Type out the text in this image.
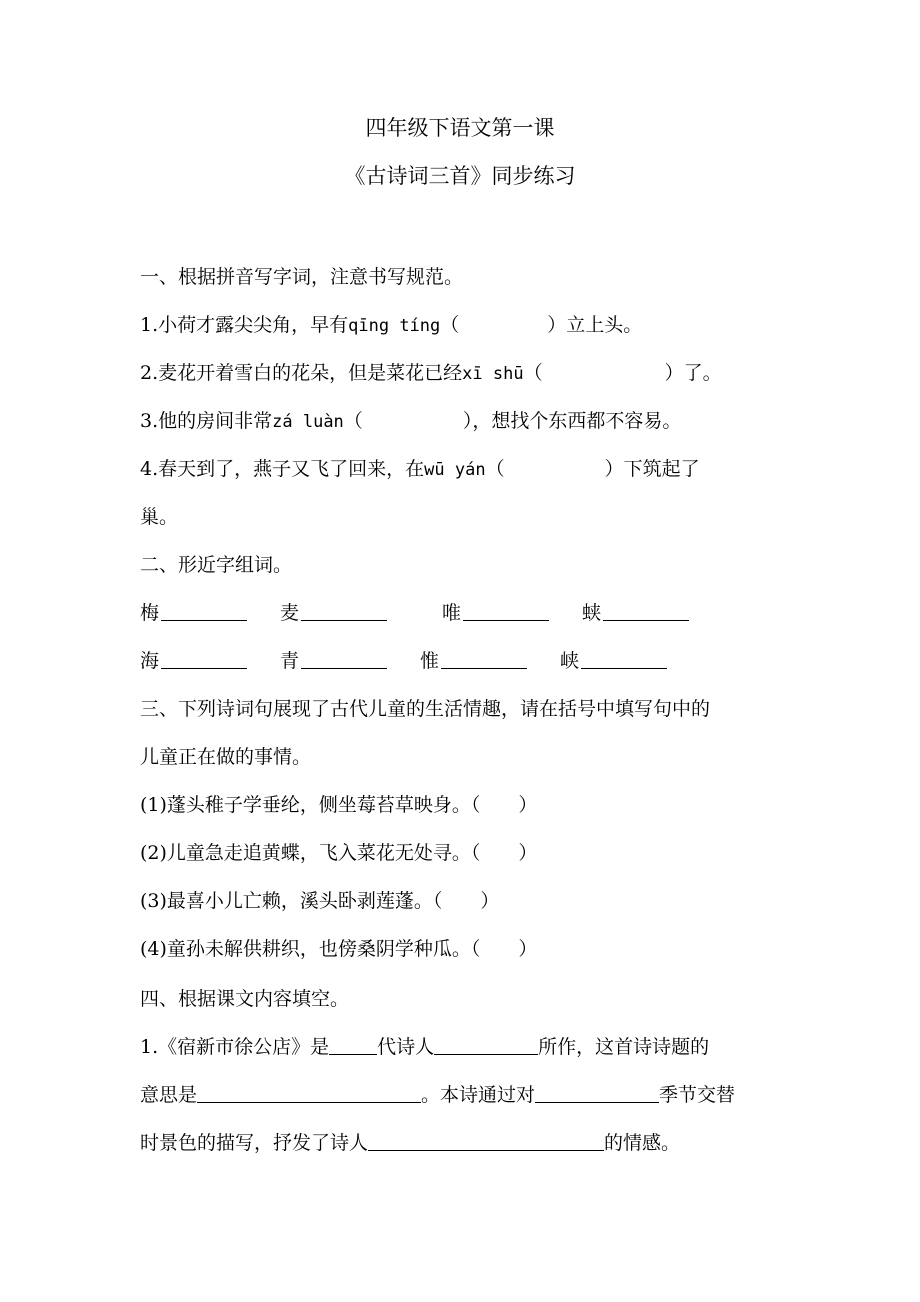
四年级下语文第一课
《古诗词三首》同步练习
一、根据拼音写字词，注意书写规范。
1.小荷才露尖尖角，早有qīng tíng（	）立上头。
2.麦花开着雪白的花朵，但是菜花已经xī shū（	）了。
3.他的房间非常zá luàn（	），想找个东西都不容易。
4.春天到了，燕子又飞了回来，在wū yán（	）下筑起了
巢。
二、形近字组词。
梅	麦	唯	蛱
海	青	惟	峡
三、下列诗词句展现了古代儿童的生活情趣，请在括号中填写句中的
儿童正在做的事情。
(1)蓬头稚子学垂纶，侧坐莓苔草映身。（　　）
(2)儿童急走追黄蝶，飞入菜花无处寻。（　　）
(3)最喜小儿亡赖，溪头卧剥莲蓬。（　　）
(4)童孙未解供耕织，也傍桑阴学种瓜。（　　）
四、根据课文内容填空。
1.《宿新市徐公店》是	代诗人	所作，这首诗诗题的
意思是	。本诗通过对	季节交替
时景色的描写，抒发了诗人	的情感。
